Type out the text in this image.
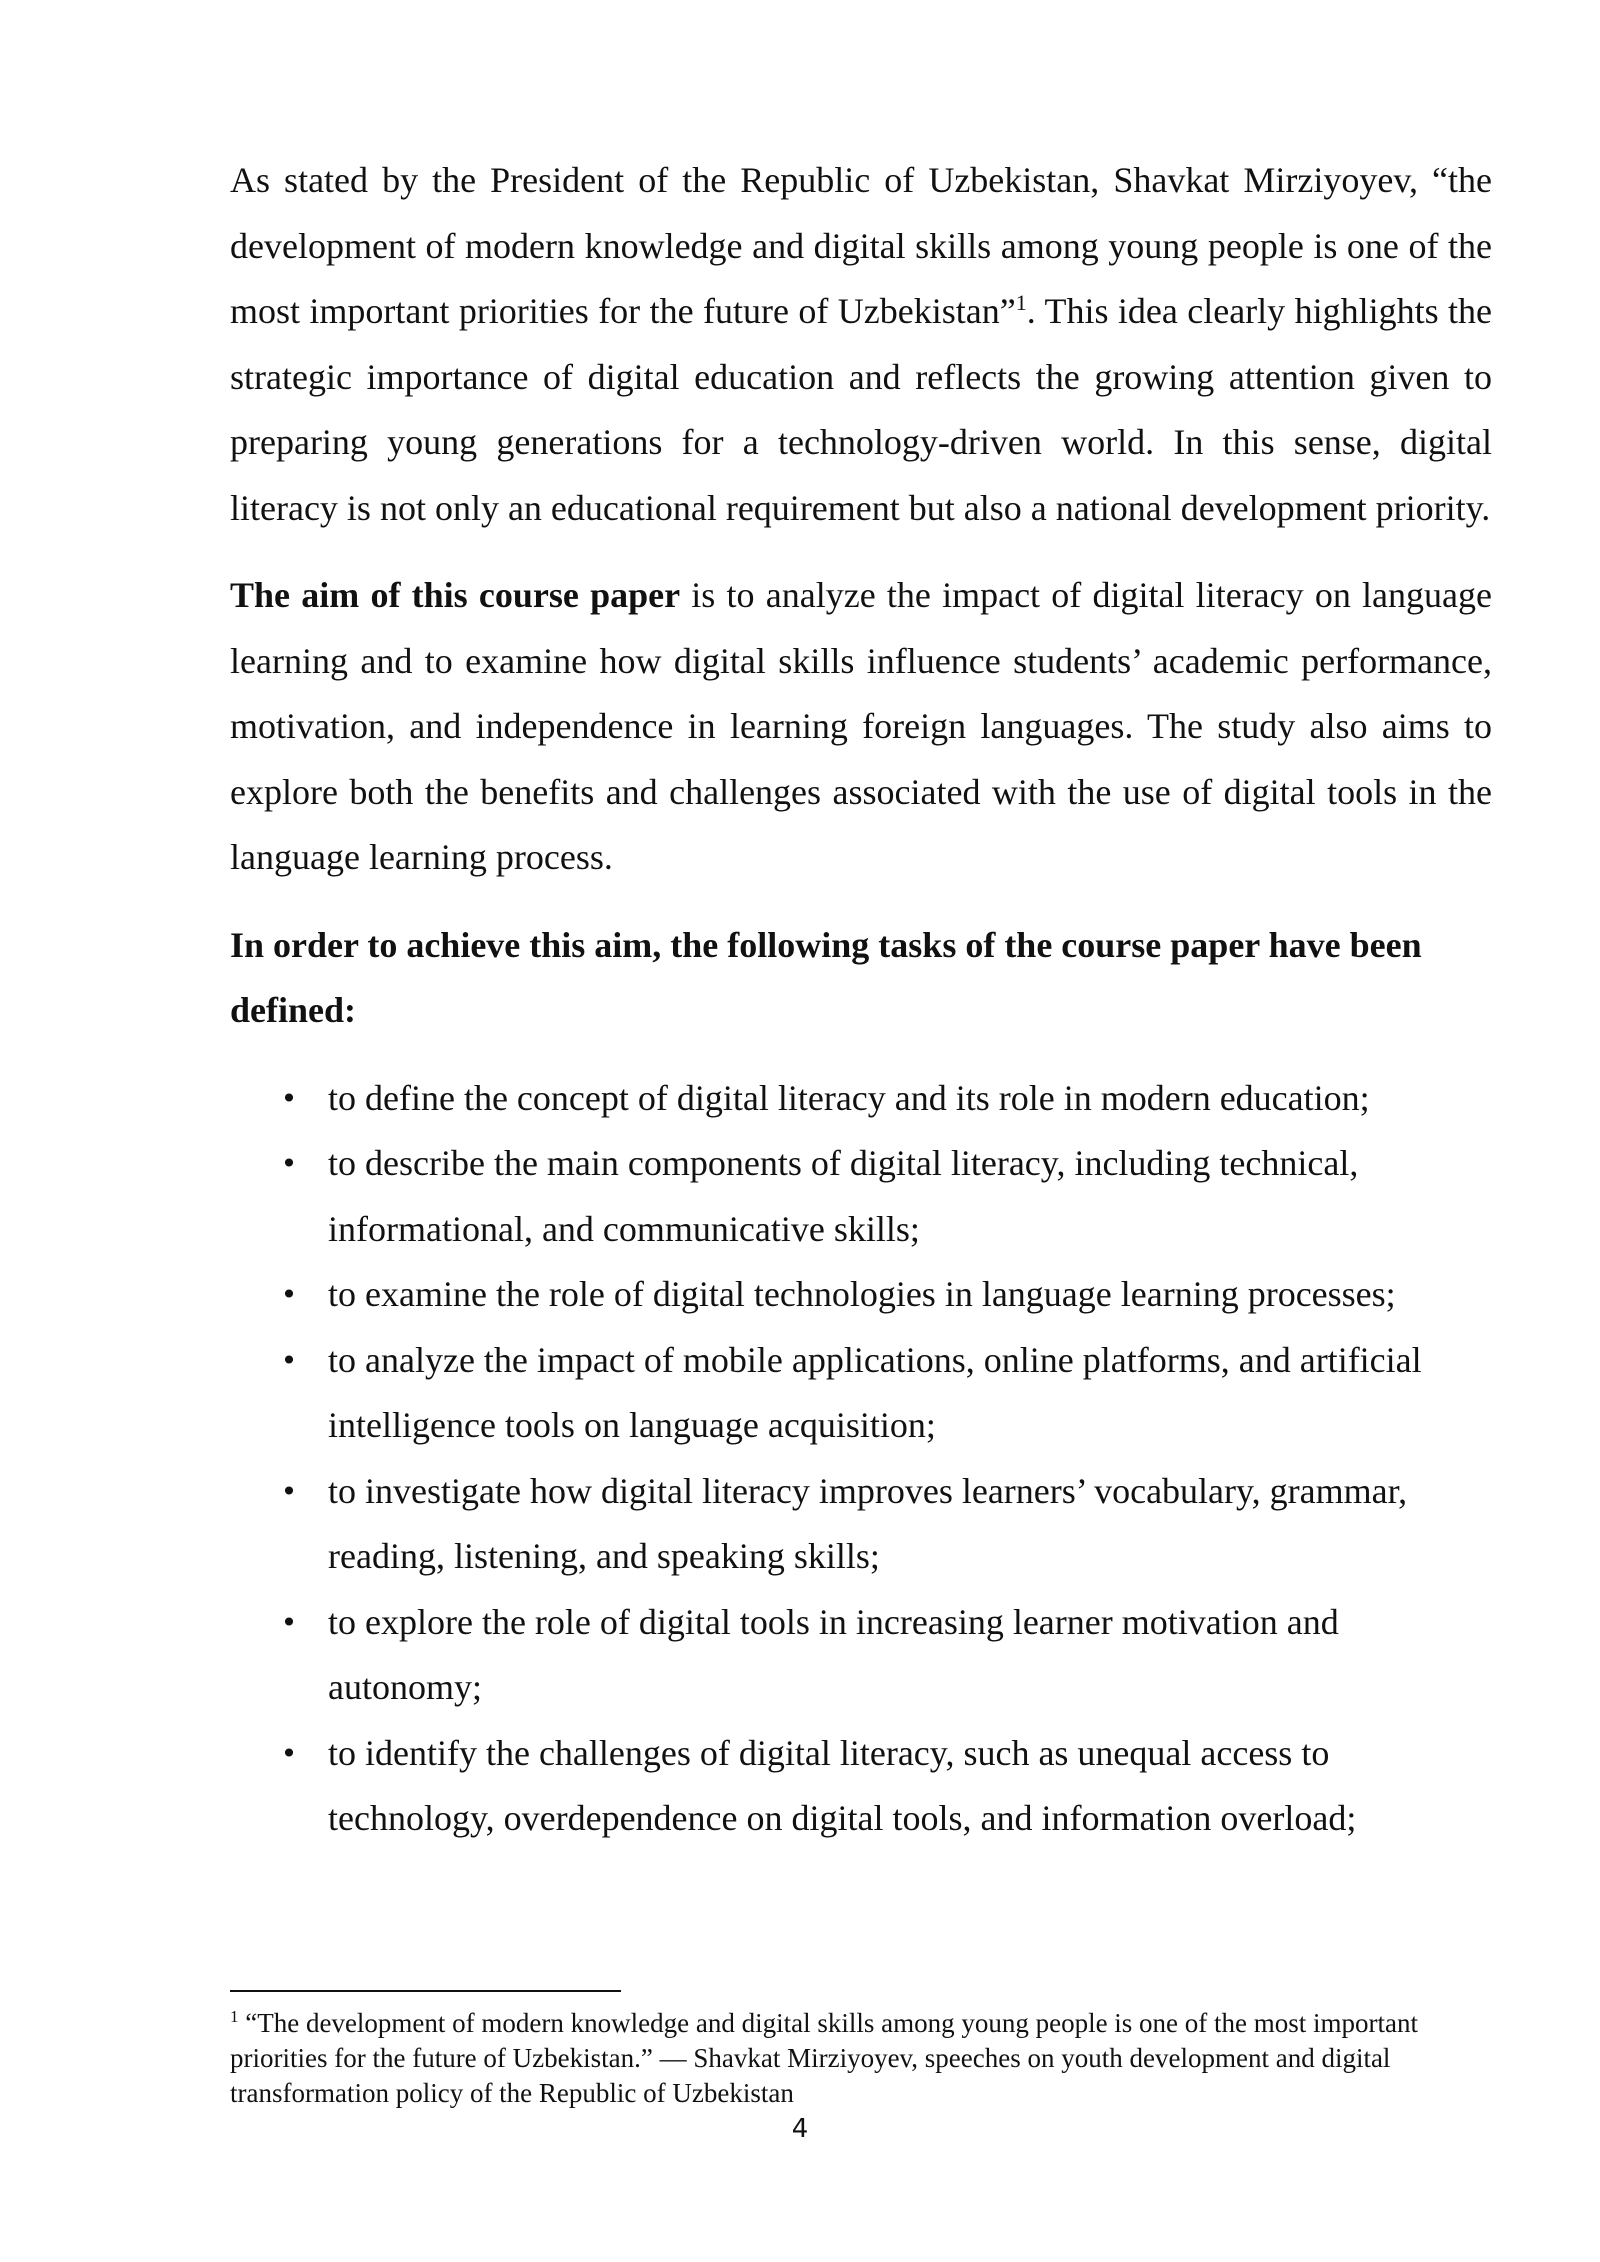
As stated by the President of the Republic of Uzbekistan, Shavkat Mirziyoyev, “the development of modern knowledge and digital skills among young people is one of the most important priorities for the future of Uzbekistan”$^1$. This idea clearly highlights the strategic importance of digital education and reflects the growing attention given to preparing young generations for a technology-driven world. In this sense, digital literacy is not only an educational requirement but also a national development priority.

The aim of this course paper is to analyze the impact of digital literacy on language learning and to examine how digital skills influence students’ academic performance, motivation, and independence in learning foreign languages. The study also aims to explore both the benefits and challenges associated with the use of digital tools in the language learning process.

In order to achieve this aim, the following tasks of the course paper have been defined:

• to define the concept of digital literacy and its role in modern education;
• to describe the main components of digital literacy, including technical, informational, and communicative skills;
• to examine the role of digital technologies in language learning processes;
• to analyze the impact of mobile applications, online platforms, and artificial intelligence tools on language acquisition;
• to investigate how digital literacy improves learners’ vocabulary, grammar, reading, listening, and speaking skills;
• to explore the role of digital tools in increasing learner motivation and autonomy;
• to identify the challenges of digital literacy, such as unequal access to technology, overdependence on digital tools, and information overload;

$^1$ “The development of modern knowledge and digital skills among young people is one of the most important priorities for the future of Uzbekistan.” — Shavkat Mirziyoyev, speeches on youth development and digital transformation policy of the Republic of Uzbekistan

4
